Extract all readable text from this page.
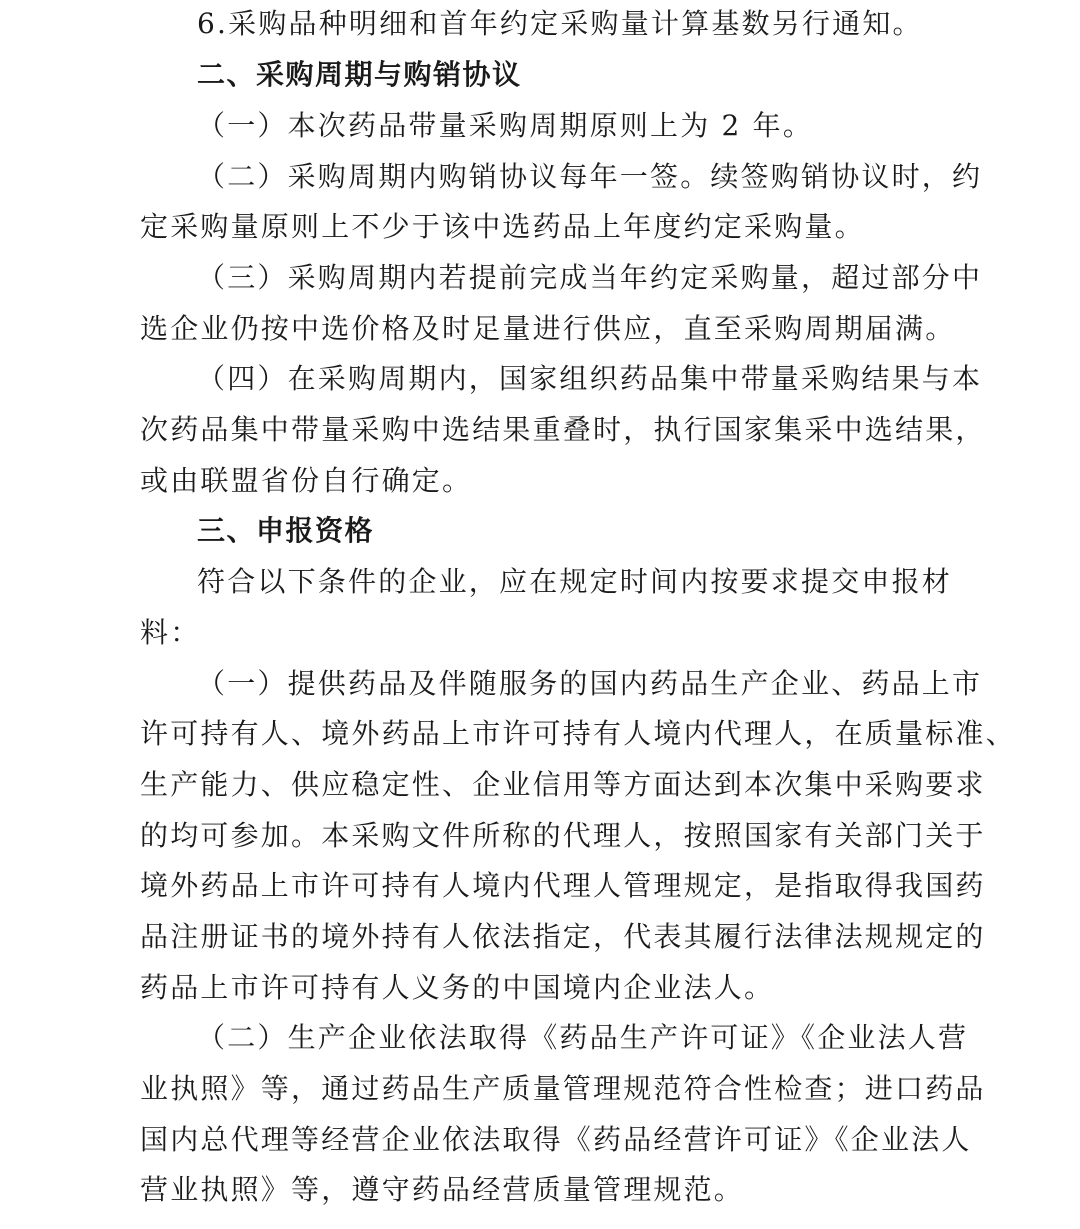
6.采购品种明细和首年约定采购量计算基数另行通知。
二、采购周期与购销协议
（一）本次药品带量采购周期原则上为 2 年。
（二）采购周期内购销协议每年一签。续签购销协议时，约
定采购量原则上不少于该中选药品上年度约定采购量。
（三）采购周期内若提前完成当年约定采购量，超过部分中
选企业仍按中选价格及时足量进行供应，直至采购周期届满。
（四）在采购周期内，国家组织药品集中带量采购结果与本
次药品集中带量采购中选结果重叠时，执行国家集采中选结果，
或由联盟省份自行确定。
三、申报资格
符合以下条件的企业，应在规定时间内按要求提交申报材
料：
（一）提供药品及伴随服务的国内药品生产企业、药品上市
许可持有人、境外药品上市许可持有人境内代理人，在质量标准、
生产能力、供应稳定性、企业信用等方面达到本次集中采购要求
的均可参加。本采购文件所称的代理人，按照国家有关部门关于
境外药品上市许可持有人境内代理人管理规定，是指取得我国药
品注册证书的境外持有人依法指定，代表其履行法律法规规定的
药品上市许可持有人义务的中国境内企业法人。
（二）生产企业依法取得《药品生产许可证》《企业法人营
业执照》等，通过药品生产质量管理规范符合性检查；进口药品
国内总代理等经营企业依法取得《药品经营许可证》《企业法人
营业执照》等，遵守药品经营质量管理规范。
